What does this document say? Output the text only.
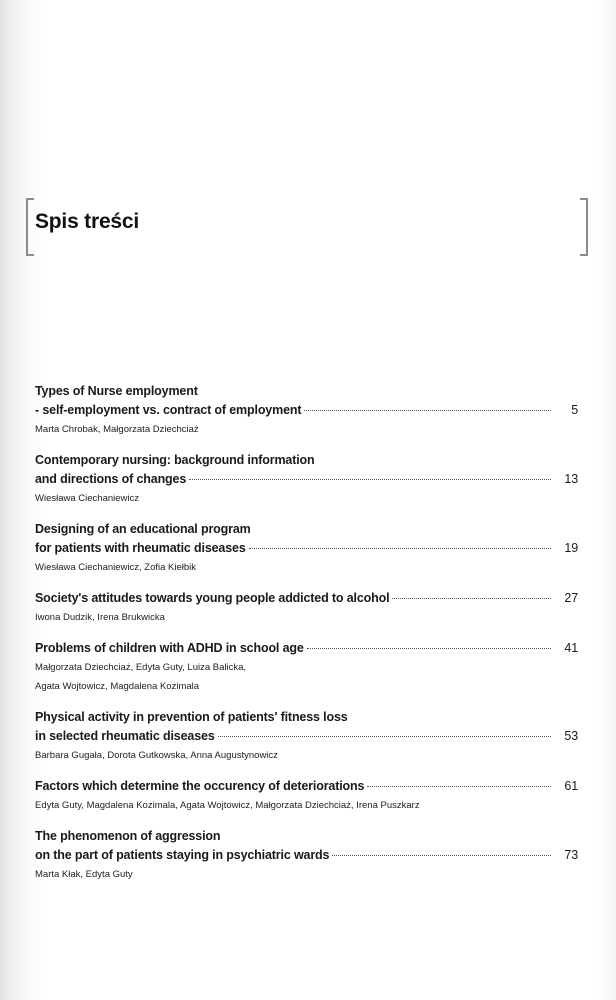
Spis treści
Types of Nurse employment
- self-employment vs. contract of employment	5
Marta Chrobak, Małgorzata Dziechciaż
Contemporary nursing: background information
and directions of changes	13
Wiesława Ciechaniewicz
Designing of an educational program
for patients with rheumatic diseases	19
Wiesława Ciechaniewicz, Zofia Kiełbik
Society's attitudes towards young people addicted to alcohol	27
Iwona Dudzik, Irena Brukwicka
Problems of children with ADHD in school age	41
Małgorzata Dziechciaż, Edyta Guty, Luiza Balicka,
Agata Wojtowicz, Magdalena Kozimala
Physical activity in prevention of patients' fitness loss
in selected rheumatic diseases	53
Barbara Gugała, Dorota Gutkowska, Anna Augustynowicz
Factors which determine the occurency of deteriorations	61
Edyta Guty, Magdalena Kozimala, Agata Wojtowicz, Małgorzata Dziechciaż, Irena Puszkarz
The phenomenon of aggression
on the part of patients staying in psychiatric wards	73
Marta Kłak, Edyta Guty
